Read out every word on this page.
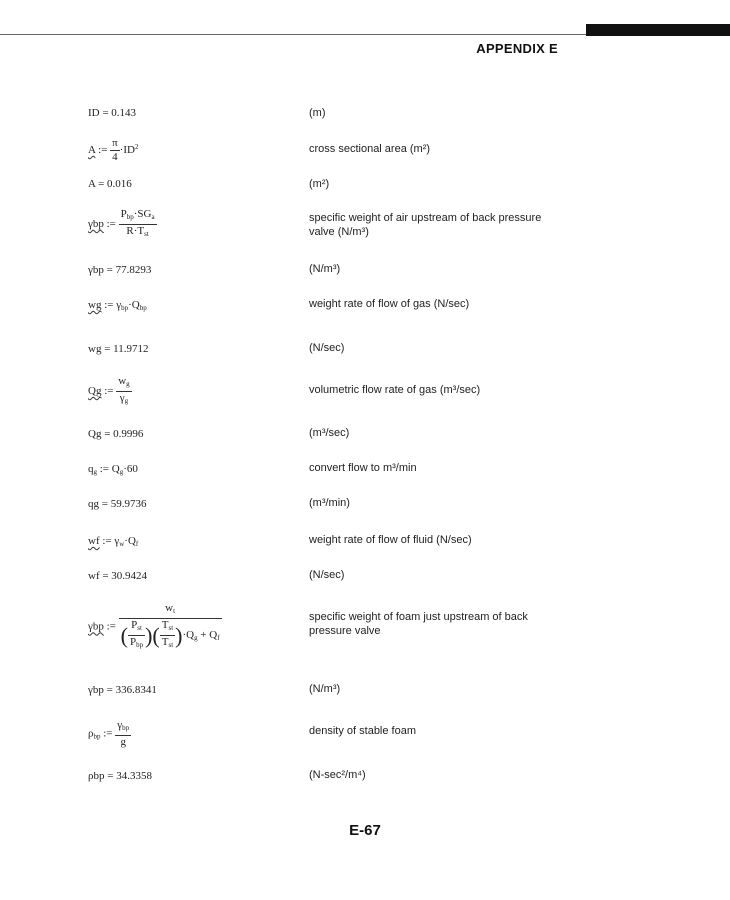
APPENDIX E
ID = 0.143	(m)
A := $\frac{\pi}{4} \cdot ID^2$	cross sectional area (m²)
A = 0.016	(m²)
γbp := $\frac{P_{bp}\cdot SG_a}{R\cdot T_{st}}$	specific weight of air upstream of back pressure valve (N/m³)
γbp = 77.8293	(N/m³)
wg := $\gamma_{bp}\cdot Q_{bp}$	weight rate of flow of gas (N/sec)
wg = 11.9712	(N/sec)
Qg := $\frac{w_g}{\gamma_g}$	volumetric flow rate of gas (m³/sec)
Qg = 0.9996	(m³/sec)
$q_g$ := $Q_g\cdot 60$	convert flow to m³/min
qg = 59.9736	(m³/min)
wf := $\gamma_w\cdot Q_f$	weight rate of flow of fluid (N/sec)
wf = 30.9424	(N/sec)
γbp := $\frac{w_t}{( \frac{P_{st}}{P_{bp}} )( \frac{T_{st}}{T_{st}} )\cdot Q_g + Q_f}$	specific weight of foam just upstream of back pressure valve
γbp = 336.8341	(N/m³)
$\rho_{bp}$ := $\frac{\gamma_{bp}}{g}$	density of stable foam
ρbp = 34.3358	(N-sec²/m⁴)
E-67
